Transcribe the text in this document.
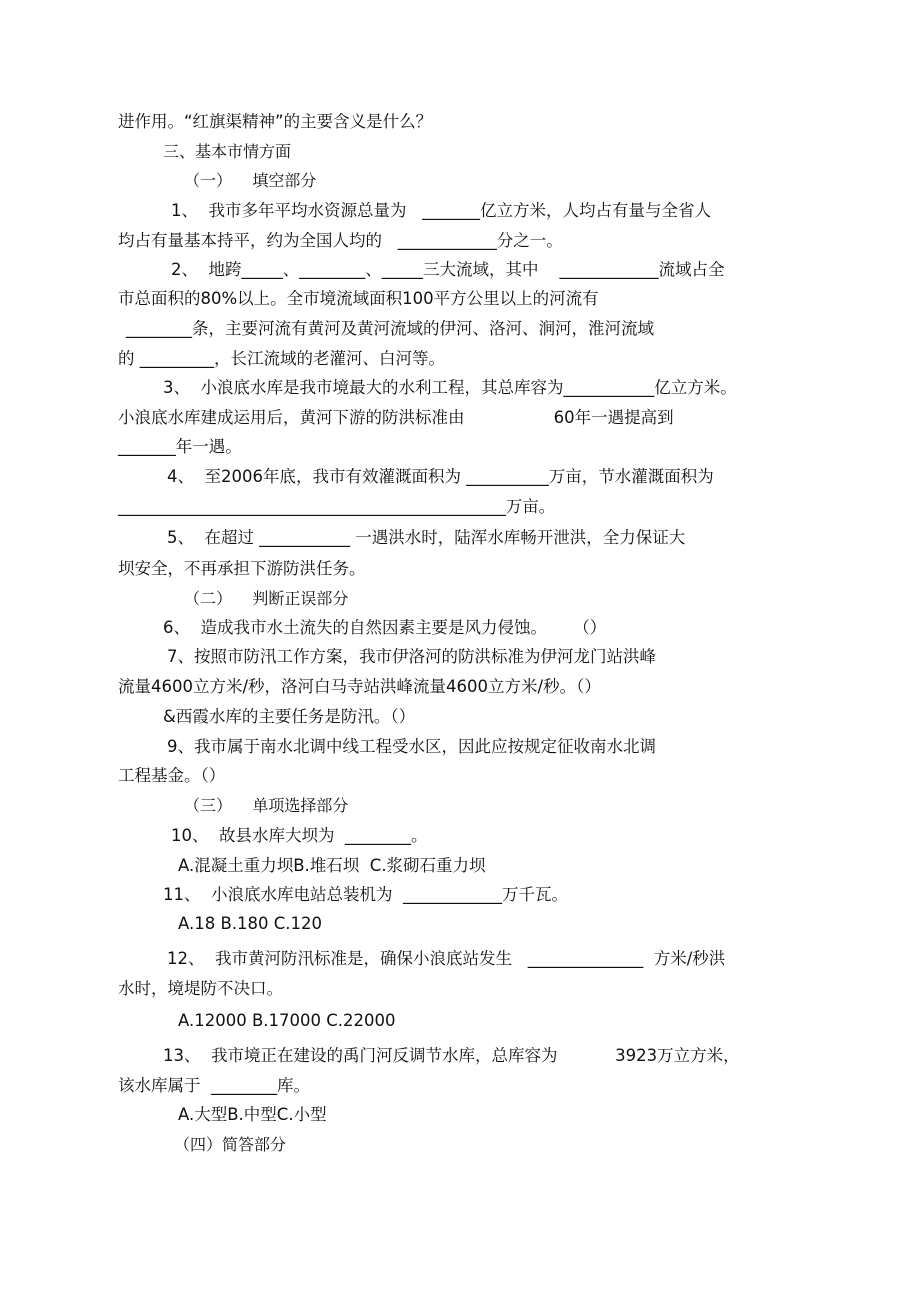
进作用。“红旗渠精神”的主要含义是什么？
三、基本市情方面
（一）    填空部分
1、  我市多年平均水资源总量为   _______亿立方米，人均占有量与全省人
均占有量基本持平，约为全国人均的   ____________分之一。
2、  地跨_____、________、_____三大流域，其中    ____________流域占全
市总面积的80%以上。全市境流域面积100平方公里以上的河流有
________条，主要河流有黄河及黄河流域的伊河、洛河、涧河，淮河流域
的 _________，长江流域的老灌河、白河等。
3、  小浪底水库是我市境最大的水利工程，其总库容为___________亿立方米。
小浪底水库建成运用后，黄河下游的防洪标准由                 60年一遇提高到
_______年一遇。
4、  至2006年底，我市有效灌溉面积为 __________万亩，节水灌溉面积为
_______________________________________________万亩。
5、  在超过 ___________ 一遇洪水时，陆浑水库畅开泄洪，全力保证大
坝安全，不再承担下游防洪任务。
（二）    判断正误部分
6、  造成我市水土流失的自然因素主要是风力侵蚀。     （）
7、按照市防汛工作方案，我市伊洛河的防洪标准为伊河龙门站洪峰
流量4600立方米/秒，洛河白马寺站洪峰流量4600立方米/秒。（）
&西霞水库的主要任务是防汛。（）
9、我市属于南水北调中线工程受水区，因此应按规定征收南水北调
工程基金。（）
（三）    单项选择部分
10、  故县水库大坝为  ________。
A.混凝土重力坝B.堆石坝  C.浆砌石重力坝
11、  小浪底水库电站总装机为  ____________万千瓦。
A.18 B.180 C.120
12、  我市黄河防汛标准是，确保小浪底站发生   ______________  方米/秒洪
水时，境堤防不决口。
A.12000 B.17000 C.22000
13、  我市境正在建设的禹门河反调节水库，总库容为           3923万立方米，
该水库属于  ________库。
A.大型B.中型C.小型
（四）简答部分
